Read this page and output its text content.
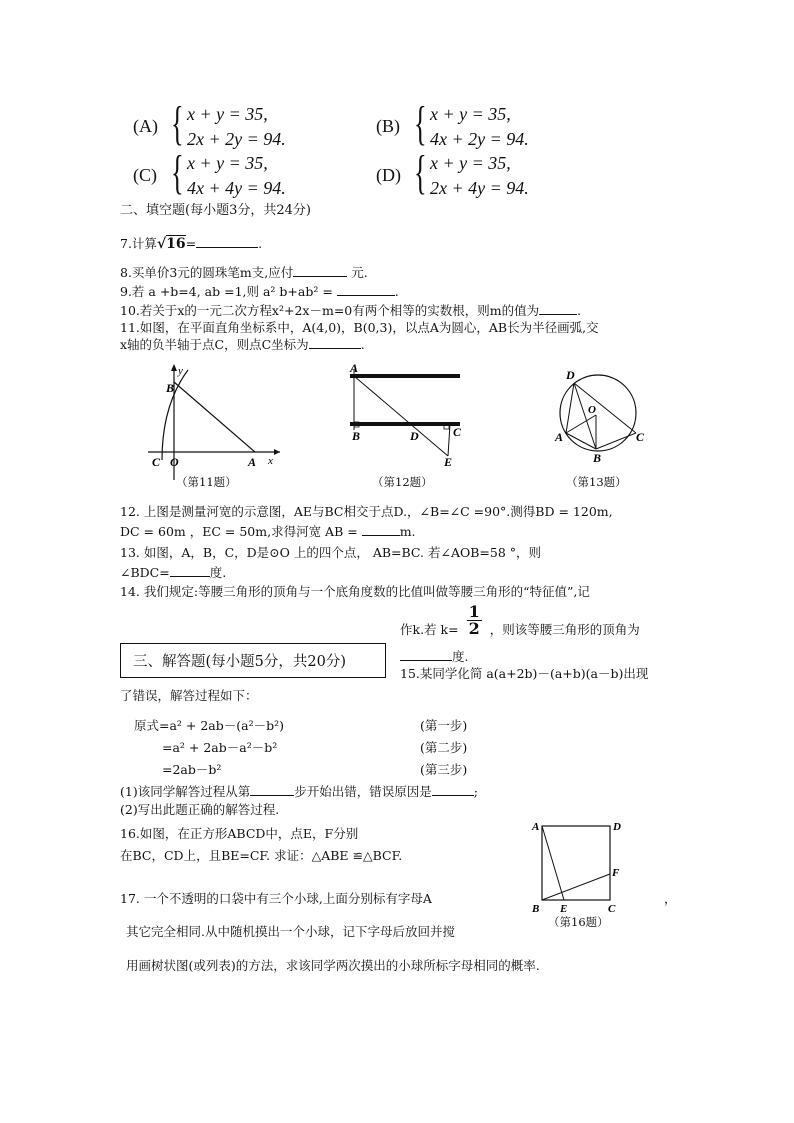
(A) { x + y = 35,
2x + 2y = 94.
(B) { x + y = 35,
4x + 2y = 94.
(C) { x + y = 35,
4x + 4y = 94.
(D) { x + y = 35,
2x + 4y = 94.
二、填空题(每小题3分，共24分)
7.计算√16=	.
8.买单价3元的圆珠笔m支,应付	元.
9.若 a +b=4, ab =1,则 a² b+ab² =	.
10.若关于x的一元二次方程x²+2x－m=0有两个相等的实数根，则m的值为	.
11.如图，在平面直角坐标系中，A(4,0)，B(0,3)，以点A为圆心，AB长为半径画弧,交
x轴的负半轴于点C，则点C坐标为	.
y
B
C O	A x
（第11题）
A
B	D	C
E
（第12题）
D
O
A	C
B
（第13题）
12. 上图是测量河宽的示意图，AE与BC相交于点D.，∠B=∠C =90°.测得BD = 120m,
DC = 60m ，EC = 50m,求得河宽 AB =	m.
13. 如图，A，B，C，D是⊙O 上的四个点， AB=BC. 若∠AOB=58 °，则
∠BDC=	度.
14. 我们规定:等腰三角形的顶角与一个底角度数的比值叫做等腰三角形的“特征值”,记
作k.若 $k= \frac{1}{2}$ ，则该等腰三角形的顶角为
度.
三、解答题(每小题5分，共20分)
15.某同学化简 a(a+2b)－(a+b)(a－b)出现
了错误，解答过程如下：
原式=a² + 2ab－(a²－b²)	(第一步)
=a² + 2ab－a²－b²	(第二步)
=2ab－b²	(第三步)
(1)该同学解答过程从第	步开始出错，错误原因是	;
(2)写出此题正确的解答过程.
16.如图，在正方形ABCD中，点E，F分别
在BC，CD上，且BE=CF. 求证：△ABE ≌△BCF.
A	D
F
B E	C
（第16题）
17. 一个不透明的口袋中有三个小球,上面分别标有字母A	，
其它完全相同.从中随机摸出一个小球，记下字母后放回并搅
用画树状图(或列表)的方法，求该同学两次摸出的小球所标字母相同的概率.
